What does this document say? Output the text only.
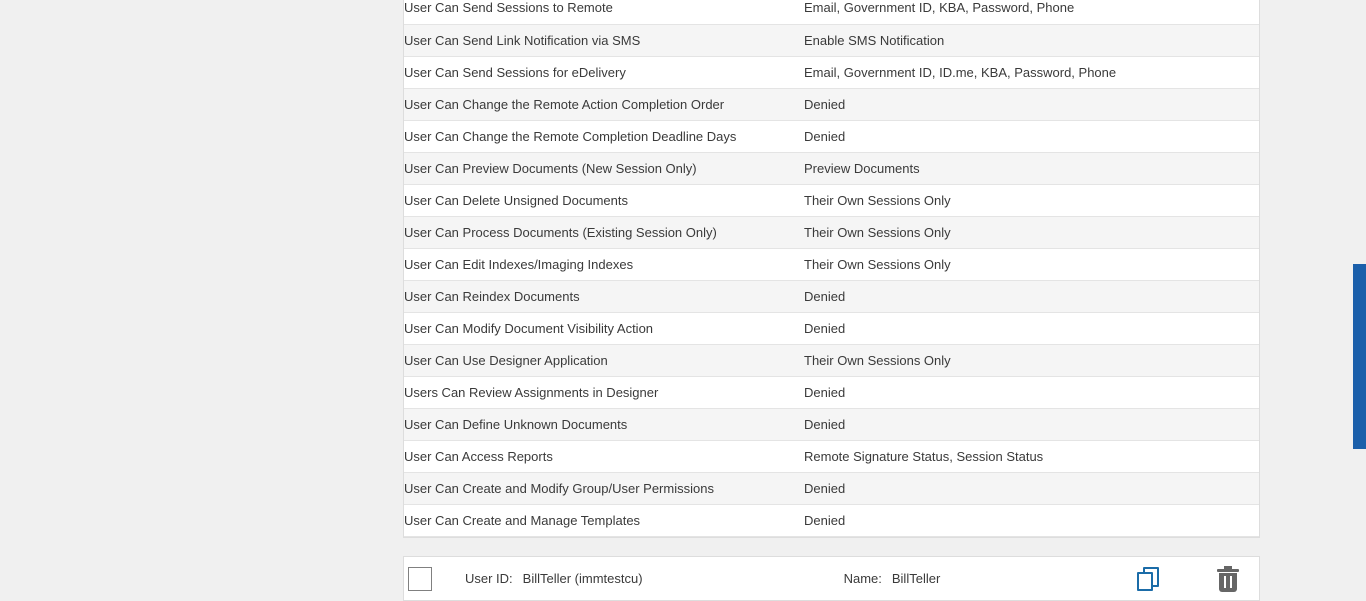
User Can Send Sessions to Remote	Email, Government ID, KBA, Password, Phone
User Can Send Link Notification via SMS	Enable SMS Notification
User Can Send Sessions for eDelivery	Email, Government ID, ID.me, KBA, Password, Phone
User Can Change the Remote Action Completion Order	Denied
User Can Change the Remote Completion Deadline Days	Denied
User Can Preview Documents (New Session Only)	Preview Documents
User Can Delete Unsigned Documents	Their Own Sessions Only
User Can Process Documents (Existing Session Only)	Their Own Sessions Only
User Can Edit Indexes/Imaging Indexes	Their Own Sessions Only
User Can Reindex Documents	Denied
User Can Modify Document Visibility Action	Denied
User Can Use Designer Application	Their Own Sessions Only
Users Can Review Assignments in Designer	Denied
User Can Define Unknown Documents	Denied
User Can Access Reports	Remote Signature Status, Session Status
User Can Create and Modify Group/User Permissions	Denied
User Can Create and Manage Templates	Denied
User ID: BillTeller (immtestcu)	Name: BillTeller
